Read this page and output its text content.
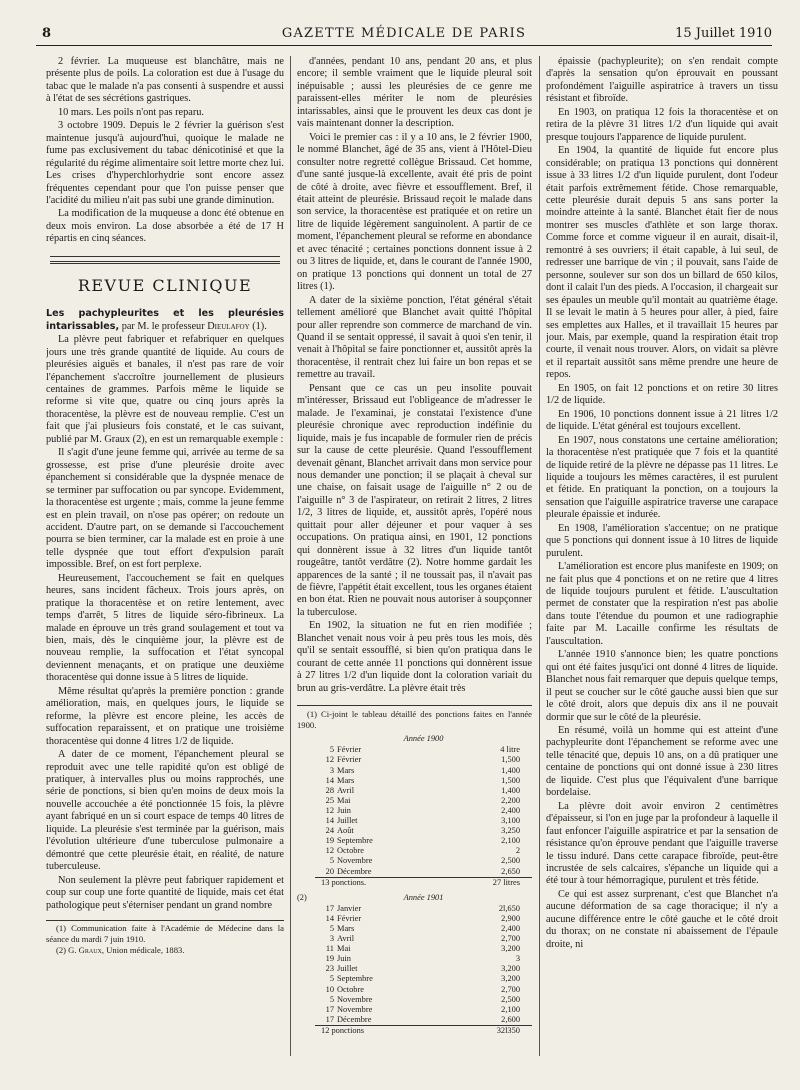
8	GAZETTE MÉDICALE DE PARIS	15 Juillet 1910

2 février. La muqueuse est blanchâtre, mais ne présente plus de poils. La coloration est due à l'usage du tabac que le malade n'a pas consenti à suspendre et aussi à l'état de ses sécrétions gastriques.

10 mars. Les poils n'ont pas reparu.

3 octobre 1909. Depuis le 2 février la guérison s'est maintenue jusqu'à aujourd'hui, quoique le malade ne fume pas exclusivement du tabac dénicotinisé et que la régularité du régime alimentaire soit lettre morte chez lui. Les crises d'hyperchlorhydrie sont encore assez fréquentes cependant pour que l'on puisse penser que l'acidité du milieu n'ait pas subi une grande diminution.

La modification de la muqueuse a donc été obtenue en deux mois environ. La dose absorbée a été de 17 H répartis en cinq séances.

REVUE CLINIQUE

Les pachypleurites et les pleurésies intarissables, par M. le professeur Dieulafoy (1).

La plèvre peut fabriquer et refabriquer en quelques jours une très grande quantité de liquide. Au cours de pleurésies aiguës et banales, il n'est pas rare de voir l'épanchement s'accroître journellement de plusieurs centaines de grammes. Parfois même le liquide se reforme si vite que, quatre ou cinq jours après la thoracentèse, la plèvre est de nouveau remplie. C'est un fait que j'ai plusieurs fois constaté, et le cas suivant, publié par M. Graux (2), en est un remarquable exemple :

Il s'agit d'une jeune femme qui, arrivée au terme de sa grossesse, est prise d'une pleurésie droite avec épanchement si considérable que la dyspnée menace de se terminer par suffocation ou par syncope. Evidemment, la thoracentèse est urgente ; mais, comme la jeune femme est en plein travail, on n'ose pas opérer; on redoute un accident. D'autre part, on se demande si l'accouchement pourra se bien terminer, car la malade est en proie à une telle dyspnée que tout effort d'expulsion paraît impossible. Bref, on est fort perplexe.

Heureusement, l'accouchement se fait en quelques heures, sans incident fâcheux. Trois jours après, on pratique la thoracentèse et on retire lentement, avec temps d'arrêt, 5 litres de liquide séro-fibrineux. La malade en éprouve un très grand soulagement et tout va bien, mais, dès le cinquième jour, la plèvre est de nouveau remplie, la suffocation et l'état syncopal deviennent menaçants, et on pratique une deuxième thoracentèse qui donne issue à 5 litres de liquide.

Même résultat qu'après la première ponction : grande amélioration, mais, en quelques jours, le liquide se reforme, la plèvre est encore pleine, les accès de suffocation reparaissent, et on pratique une troisième thoracentèse qui donne 4 litres 1/2 de liquide.

A dater de ce moment, l'épanchement pleural se reproduit avec une telle rapidité qu'on est obligé de pratiquer, à intervalles plus ou moins rapprochés, une série de ponctions, si bien qu'en moins de deux mois la nouvelle accouchée a été ponctionnée 15 fois, la plèvre ayant fabriqué en un si court espace de temps 40 litres de liquide. La pleurésie s'est terminée par la guérison, mais l'évolution ultérieure d'une tuberculose pulmonaire a démontré que cette pleurésie était, en réalité, de nature tuberculeuse.

Non seulement la plèvre peut fabriquer rapidement et coup sur coup une forte quantité de liquide, mais cet état pathologique peut s'éterniser pendant un grand nombre

(1) Communication faite à l'Académie de Médecine dans la séance du mardi 7 juin 1910.

(2) G. Graux, Union médicale, 1883.

d'années, pendant 10 ans, pendant 20 ans, et plus encore; il semble vraiment que le liquide pleural soit inépuisable ; aussi les pleurésies de ce genre me paraissent-elles mériter le nom de pleurésies intarissables, ainsi que le prouvent les deux cas dont je vais maintenant donner la description.

Voici le premier cas : il y a 10 ans, le 2 février 1900, le nommé Blanchet, âgé de 35 ans, vient à l'Hôtel-Dieu consulter notre regretté collègue Brissaud. Cet homme, d'une santé jusque-là excellente, avait été pris de point de côté à droite, avec fièvre et essoufflement. Bref, il était atteint de pleurésie. Brissaud reçoit le malade dans son service, la thoracentèse est pratiquée et on retire un litre de liquide légèrement sanguinolent. A partir de ce moment, l'épanchement pleural se reforme en abondance et avec ténacité ; certaines ponctions donnent issue à 2 ou 3 litres de liquide, et, dans le courant de l'année 1900, on pratique 13 ponctions qui donnent un total de 27 litres (1).

A dater de la sixième ponction, l'état général s'était tellement amélioré que Blanchet avait quitté l'hôpital pour aller reprendre son commerce de marchand de vin. Quand il se sentait oppressé, il savait à quoi s'en tenir, il venait à l'hôpital se faire ponctionner et, aussitôt après la thoracentèse, il rentrait chez lui faire un bon repas et se remettre au travail.

Pensant que ce cas un peu insolite pouvait m'intéresser, Brissaud eut l'obligeance de m'adresser le malade. Je l'examinai, je constatai l'existence d'une pleurésie chronique avec reproduction indéfinie du liquide, mais je fus incapable de formuler rien de précis sur la cause de cette pleurésie. Quand l'essoufflement devenait gênant, Blanchet arrivait dans mon service pour nous demander une ponction; il se plaçait à cheval sur une chaise, on faisait usage de l'aiguille n° 2 ou de l'aiguille n° 3 de l'aspirateur, on retirait 2 litres, 2 litres 1/2, 3 litres de liquide, et, aussitôt après, l'opéré nous quittait pour aller déjeuner et pour vaquer à ses occupations. On pratiqua ainsi, en 1901, 12 ponctions qui donnèrent issue à 32 litres d'un liquide tantôt rougeâtre, tantôt verdâtre (2). Notre homme gardait les apparences de la santé ; il ne toussait pas, il n'avait pas de fièvre, l'appétit était excellent, tous les organes étaient en bon état. Rien ne pouvait nous autoriser à soupçonner la tuberculose.

En 1902, la situation ne fut en rien modifiée ; Blanchet venait nous voir à peu près tous les mois, dès qu'il se sentait essoufflé, si bien qu'on pratiqua dans le courant de cette année 11 ponctions qui donnèrent issue à 27 litres 1/2 d'un liquide dont la coloration variait du brun au gris-verdâtre. La plèvre était très

(1) Ci-joint le tableau détaillé des ponctions faites en l'année 1900.

	Année 1900		
	5	Février	4 litre
	12	Février	1,500
	3	Mars	1,400
	14	Mars	1,500
	28	Avril	1,400
	25	Mai	2,200
	12	Juin	2,400
	14	Juillet	3,100
	24	Août	3,250
	19	Septembre	2,100
	12	Octobre	2
	5	Novembre	2,500
	20	Décembre	2,650
	13 ponctions.		27 litres
(2)	Année 1901		
	17	Janvier	2l,650
	14	Février	2,900
	5	Mars	2,400
	3	Avril	2,700
	11	Mai	3,200
	19	Juin	3
	23	Juillet	3,200
	5	Septembre	3,200
	10	Octobre	2,700
	5	Novembre	2,500
	17	Novembre	2,100
	17	Décembre	2,600
	12 ponctions		32l350

épaissie (pachypleurite); on s'en rendait compte d'après la sensation qu'on éprouvait en poussant profondément l'aiguille aspiratrice à travers un tissu résistant et fibroïde.

En 1903, on pratiqua 12 fois la thoracentèse et on retira de la plèvre 31 litres 1/2 d'un liquide qui avait presque toujours l'apparence de liquide purulent.

En 1904, la quantité de liquide fut encore plus considérable; on pratiqua 13 ponctions qui donnèrent issue à 33 litres 1/2 d'un liquide purulent, dont l'odeur était parfois extrêmement fétide. Chose remarquable, cette pleurésie durait depuis 5 ans sans porter la moindre atteinte à la santé. Blanchet était fier de nous montrer ses muscles d'athlète et son large thorax. Comme force et comme vigueur il en aurait, disait-il, remontré à ses ouvriers; il était capable, à lui seul, de redresser une barrique de vin ; il pouvait, sans l'aide de personne, soulever sur son dos un billard de 650 kilos, dont il calait l'un des pieds. A l'occasion, il chargeait sur ses épaules un meuble qu'il montait au quatrième étage. Il se levait le matin à 5 heures pour aller, à pied, faire ses emplettes aux Halles, et il travaillait 15 heures par jour. Mais, par exemple, quand la respiration était trop courte, il venait nous trouver. Alors, on vidait sa plèvre et il repartait aussitôt sans même prendre une heure de repos.

En 1905, on fait 12 ponctions et on retire 30 litres 1/2 de liquide.

En 1906, 10 ponctions donnent issue à 21 litres 1/2 de liquide. L'état général est toujours excellent.

En 1907, nous constatons une certaine amélioration; la thoracentèse n'est pratiquée que 7 fois et la quantité de liquide retiré de la plèvre ne dépasse pas 11 litres. Le liquide a toujours les mêmes caractères, il est purulent et fétide. En pratiquant la ponction, on a toujours la sensation que l'aiguille aspiratrice traverse une carapace pleurale épaissie et indurée.

En 1908, l'amélioration s'accentue; on ne pratique que 5 ponctions qui donnent issue à 10 litres de liquide purulent.

L'amélioration est encore plus manifeste en 1909; on ne fait plus que 4 ponctions et on ne retire que 4 litres de liquide toujours purulent et fétide. L'auscultation permet de constater que la respiration n'est pas abolie dans toute l'étendue du poumon et une radiographie faite par M. Lacaille confirme les résultats de l'auscultation.

L'année 1910 s'annonce bien; les quatre ponctions qui ont été faites jusqu'ici ont donné 4 litres de liquide. Blanchet nous fait remarquer que depuis quelque temps, il peut se coucher sur le côté gauche aussi bien que sur le côté droit, alors que depuis dix ans il ne pouvait dormir que sur le côté de la pleurésie.

En résumé, voilà un homme qui est atteint d'une pachypleurite dont l'épanchement se reforme avec une telle ténacité que, depuis 10 ans, on a dû pratiquer une centaine de ponctions qui ont donné issue à 230 litres de liquide. C'est plus que l'équivalent d'une barrique bordelaise.

La plèvre doit avoir environ 2 centimètres d'épaisseur, si l'on en juge par la profondeur à laquelle il faut enfoncer l'aiguille aspiratrice et par la sensation de résistance qu'on éprouve pendant que l'aiguille traverse le tissu induré. Dans cette carapace fibroïde, peut-être incrustée de sels calcaires, s'épanche un liquide qui a été tour à tour hémorragique, purulent et très fétide.

Ce qui est assez surprenant, c'est que Blanchet n'a aucune déformation de sa cage thoracique; il n'y a aucune différence entre le côté gauche et le côté droit du thorax; on ne constate ni abaissement de l'épaule droite, ni
